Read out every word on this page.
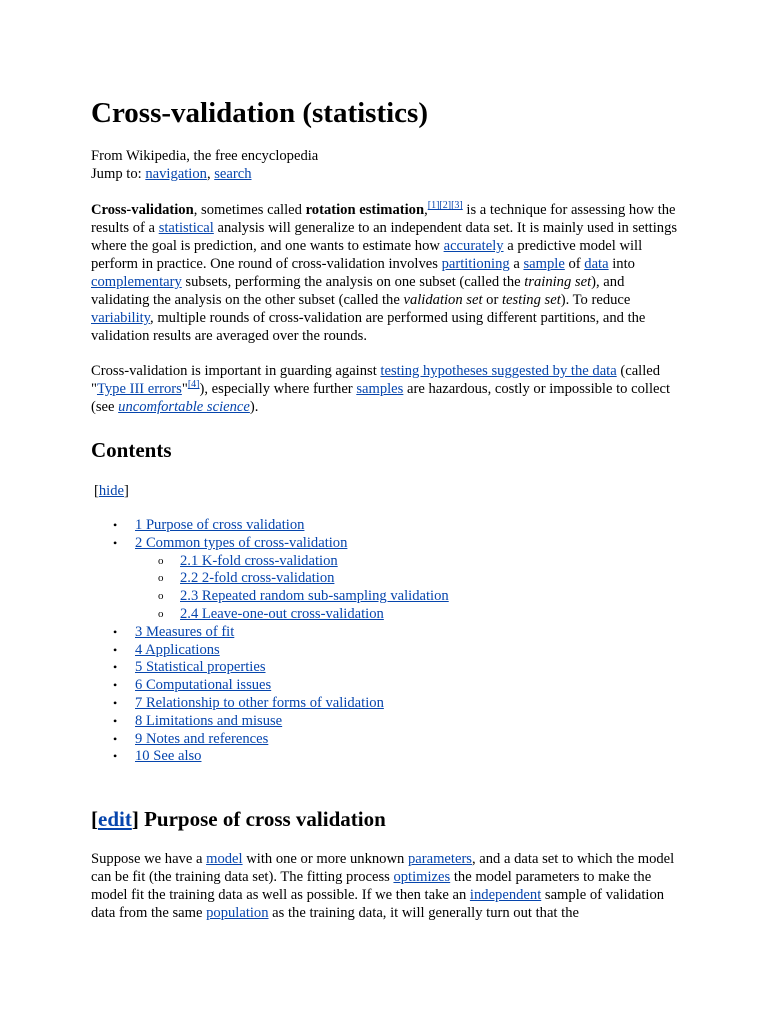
Cross-validation (statistics)
From Wikipedia, the free encyclopedia
Jump to: navigation, search

Cross-validation, sometimes called rotation estimation,[1][2][3] is a technique for assessing how the results of a statistical analysis will generalize to an independent data set. It is mainly used in settings where the goal is prediction, and one wants to estimate how accurately a predictive model will perform in practice. One round of cross-validation involves partitioning a sample of data into complementary subsets, performing the analysis on one subset (called the training set), and validating the analysis on the other subset (called the validation set or testing set). To reduce variability, multiple rounds of cross-validation are performed using different partitions, and the validation results are averaged over the rounds.

Cross-validation is important in guarding against testing hypotheses suggested by the data (called "Type III errors"[4]), especially where further samples are hazardous, costly or impossible to collect (see uncomfortable science).

Contents
[hide]
• 1 Purpose of cross validation
• 2 Common types of cross-validation
o 2.1 K-fold cross-validation
o 2.2 2-fold cross-validation
o 2.3 Repeated random sub-sampling validation
o 2.4 Leave-one-out cross-validation
• 3 Measures of fit
• 4 Applications
• 5 Statistical properties
• 6 Computational issues
• 7 Relationship to other forms of validation
• 8 Limitations and misuse
• 9 Notes and references
• 10 See also
[edit] Purpose of cross validation

Suppose we have a model with one or more unknown parameters, and a data set to which the model can be fit (the training data set). The fitting process optimizes the model parameters to make the model fit the training data as well as possible. If we then take an independent sample of validation data from the same population as the training data, it will generally turn out that the
